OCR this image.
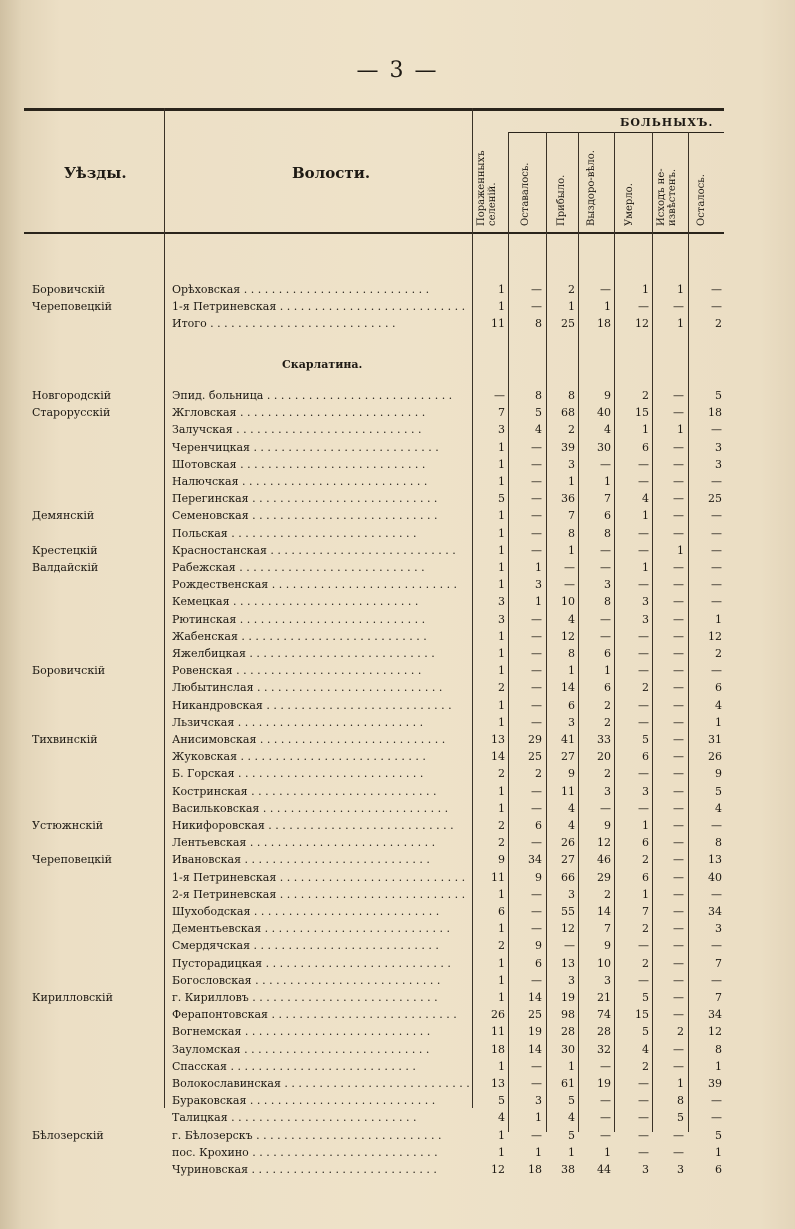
— 3 —
Уѣзды.	Волости.
БОЛЬНЫХЪ.
Пораженныхъ селеній. Оставалось.	Прибыло. Выздоро-вѣло.	Умерло. Исходъ не-извѣстенъ. Осталось.
Скарлатина.
Боровичскій	Орѣховская . . . . . . . . . . . . . . . . . . . . . . . . . . .	1	—	2	—	1	1	—
Череповецкій	1-я Петриневская . . . . . . . . . . . . . . . . . . . . . . . . . . .	1	—	1	1	—	—	—
Итого . . . . . . . . . . . . . . . . . . . . . . . . . . .	11	8	25	18	12	1	2
Новгородскій	Эпид. больница . . . . . . . . . . . . . . . . . . . . . . . . . . .	—	8	8	9	2	—	5
Старорусскій	Жгловская . . . . . . . . . . . . . . . . . . . . . . . . . . .	7	5	68	40	15	—	18
Залучская . . . . . . . . . . . . . . . . . . . . . . . . . . .	3	4	2	4	1	1	—
Черенчицкая . . . . . . . . . . . . . . . . . . . . . . . . . . .	1	—	39	30	6	—	3
Шотовская . . . . . . . . . . . . . . . . . . . . . . . . . . .	1	—	3	—	—	—	3
Налючская . . . . . . . . . . . . . . . . . . . . . . . . . . .	1	—	1	1	—	—	—
Перегинская . . . . . . . . . . . . . . . . . . . . . . . . . . .	5	—	36	7	4	—	25
Демянскій	Семеновская . . . . . . . . . . . . . . . . . . . . . . . . . . .	1	—	7	6	1	—	—
Польская . . . . . . . . . . . . . . . . . . . . . . . . . . .	1	—	8	8	—	—	—
Крестецкій	Красностанская . . . . . . . . . . . . . . . . . . . . . . . . . . .	1	—	1	—	—	1	—
Валдайскій	Рабежская . . . . . . . . . . . . . . . . . . . . . . . . . . .	1	1	—	—	1	—	—
Рождественская . . . . . . . . . . . . . . . . . . . . . . . . . . .	1	3	—	3	—	—	—
Кемецкая . . . . . . . . . . . . . . . . . . . . . . . . . . .	3	1	10	8	3	—	—
Рютинская . . . . . . . . . . . . . . . . . . . . . . . . . . .	3	—	4	—	3	—	1
Жабенская . . . . . . . . . . . . . . . . . . . . . . . . . . .	1	—	12	—	—	—	12
Яжелбицкая . . . . . . . . . . . . . . . . . . . . . . . . . . .	1	—	8	6	—	—	2
Боровичскій	Ровенская . . . . . . . . . . . . . . . . . . . . . . . . . . .	1	—	1	1	—	—	—
Любытинслая . . . . . . . . . . . . . . . . . . . . . . . . . . .	2	—	14	6	2	—	6
Никандровская . . . . . . . . . . . . . . . . . . . . . . . . . . .	1	—	6	2	—	—	4
Льзичская . . . . . . . . . . . . . . . . . . . . . . . . . . .	1	—	3	2	—	—	1
Тихвинскій	Анисимовская . . . . . . . . . . . . . . . . . . . . . . . . . . .	13	29	41	33	5	—	31
Жуковская . . . . . . . . . . . . . . . . . . . . . . . . . . .	14	25	27	20	6	—	26
Б. Горская . . . . . . . . . . . . . . . . . . . . . . . . . . .	2	2	9	2	—	—	9
Костринская . . . . . . . . . . . . . . . . . . . . . . . . . . .	1	—	11	3	3	—	5
Васильковская . . . . . . . . . . . . . . . . . . . . . . . . . . .	1	—	4	—	—	—	4
Устюжнскій	Никифоровская . . . . . . . . . . . . . . . . . . . . . . . . . . .	2	6	4	9	1	—	—
Лентьевская . . . . . . . . . . . . . . . . . . . . . . . . . . .	2	—	26	12	6	—	8
Череповецкій	Ивановская . . . . . . . . . . . . . . . . . . . . . . . . . . .	9	34	27	46	2	—	13
1-я Петриневская . . . . . . . . . . . . . . . . . . . . . . . . . . .	11	9	66	29	6	—	40
2-я Петриневская . . . . . . . . . . . . . . . . . . . . . . . . . . .	1	—	3	2	1	—	—
Шухободская . . . . . . . . . . . . . . . . . . . . . . . . . . .	6	—	55	14	7	—	34
Дементьевская . . . . . . . . . . . . . . . . . . . . . . . . . . .	1	—	12	7	2	—	3
Смердячская . . . . . . . . . . . . . . . . . . . . . . . . . . .	2	9	—	9	—	—	—
Пусторадицкая . . . . . . . . . . . . . . . . . . . . . . . . . . .	1	6	13	10	2	—	7
Богословская . . . . . . . . . . . . . . . . . . . . . . . . . . .	1	—	3	3	—	—	—
Кирилловскій	г. Кирилловъ . . . . . . . . . . . . . . . . . . . . . . . . . . .	1	14	19	21	5	—	7
Ферапонтовская . . . . . . . . . . . . . . . . . . . . . . . . . . .	26	25	98	74	15	—	34
Вогнемская . . . . . . . . . . . . . . . . . . . . . . . . . . .	11	19	28	28	5	2	12
Зауломская . . . . . . . . . . . . . . . . . . . . . . . . . . .	18	14	30	32	4	—	8
Спасская . . . . . . . . . . . . . . . . . . . . . . . . . . .	1	—	1	—	2	—	1
Волокославинская . . . . . . . . . . . . . . . . . . . . . . . . . . .	13	—	61	19	—	1	39
Бураковская . . . . . . . . . . . . . . . . . . . . . . . . . . .	5	3	5	—	—	8	—
Талицкая . . . . . . . . . . . . . . . . . . . . . . . . . . .	4	1	4	—	—	5	—
Бѣлозерскій	г. Бѣлозерскъ . . . . . . . . . . . . . . . . . . . . . . . . . . .	1	—	5	—	—	—	5
пос. Крохино . . . . . . . . . . . . . . . . . . . . . . . . . . .	1	1	1	1	—	—	1
Чуриновская . . . . . . . . . . . . . . . . . . . . . . . . . . .	12	18	38	44	3	3	6
